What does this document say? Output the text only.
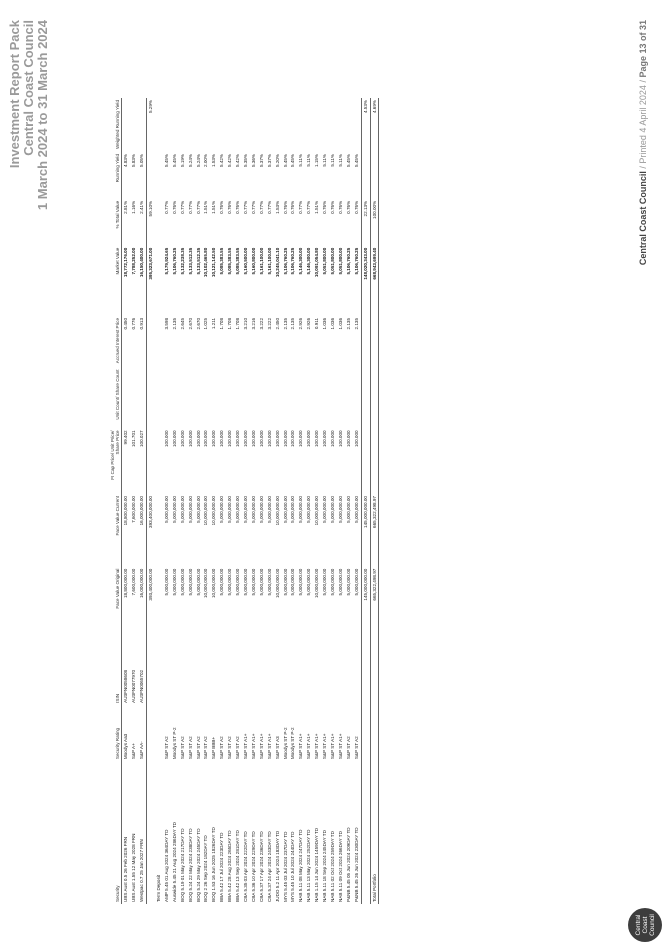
Central Coast Council
Investment Report Pack Central Coast Council 1 March 2024 to 31 March 2024
Security	Security Rating	ISIN	Face Value Original	Face Value Current	FI Cap Price/ Unit Price/ Share Price	Unit Count/ Share Count	Accrued Interest Price	Market Value	% Total Value	Running Yield	Weighted Running Yield
UBS Aust 0.5 26 Feb 2026 FRN	Moodys Aa3	AU3FN0058608	18,800,000.00	18,800,000.00	99.402		0.450	18,772,176.00	2.81%	4.83%	
UBS Aust 1.55 12 May 2028 FRN	S&P A+	AU3FN0077970	7,600,000.00	7,600,000.00	101.701		0.776	7,788,252.00	1.16%	5.83%	
Westpac 0.7 25 Jan 2027 FRN	S&P AA-	AU3FN0065702	16,000,000.00	16,000,000.00	100.027		0.913	16,150,400.00	2.41%	5.05%	
			393,400,000.00	393,400,000.00				395,323,671.00	59.10%		5.29%
Term Deposit											
AMP 5.45 01 Aug 2024 364DAY TD	S&P ST A2		5,000,000.00	5,000,000.00	100.000		3.598	5,179,924.65	0.77%	5.45%	
Auswide 5.45 21 Aug 2024 286DAY TD	Moodys ST P-2		5,000,000.00	5,000,000.00	100.000		2.135	5,106,760.25	0.76%	5.45%	
BOQ 5.19 01 May 2024 217DAY TD	S&P ST A2		5,000,000.00	5,000,000.00	100.000		2.645	5,132,238.35	0.77%	5.19%	
BOQ 5.24 22 May 2024 238DAY TD	S&P ST A2		5,000,000.00	5,000,000.00	100.000		2.670	5,133,512.35	0.77%	5.24%	
BOQ 5.24 29 May 2024 245DAY TD	S&P ST A2		5,000,000.00	5,000,000.00	100.000		2.670	5,133,512.35	0.77%	5.24%	
BOQ 2 26 Sep 2024 182DAY TD	S&P ST A2		10,000,000.00	10,000,000.00	100.000		1.025	10,102,465.80	1.51%	2.00%	
BOQ 1.53 16 Jun 2025 1826DAY TD	S&P BBB+		10,000,000.00	10,000,000.00	100.000		1.211	10,121,142.50	1.51%	1.53%	
BBA 5.42 17 Jul 2024 223DAY TD	S&P ST A2		5,000,000.00	5,000,000.00	100.000		1.708	5,085,383.55	0.76%	5.42%	
BBA 5.42 28 Aug 2024 265DAY TD	S&P ST A2		5,000,000.00	5,000,000.00	100.000		1.708	5,085,383.55	0.76%	5.42%	
BBA 5.42 13 Sep 2024 281DAY TD	S&P ST A2		5,000,000.00	5,000,000.00	100.000		1.708	5,085,383.55	0.76%	5.42%	
CBA 5.35 03 Apr 2024 222DAY TD	S&P ST A1+		5,000,000.00	5,000,000.00	100.000		3.210	5,160,500.00	0.77%	5.35%	
CBA 5.36 10 Apr 2024 229DAY TD	S&P ST A1+		5,000,000.00	5,000,000.00	100.000		3.216	5,160,800.00	0.77%	5.36%	
CBA 5.37 17 Apr 2024 236DAY TD	S&P ST A1+		5,000,000.00	5,000,000.00	100.000		3.222	5,161,100.00	0.77%	5.37%	
CBA 5.37 24 Apr 2024 243DAY TD	S&P ST A1+		5,000,000.00	5,000,000.00	100.000		3.222	5,161,100.00	0.77%	5.37%	
JUDO 5.2 11 Apr 2024 183DAY TD	S&P ST A3		10,000,000.00	10,000,000.00	100.000		2.450	10,245,041.10	1.53%	5.20%	
MYS 5.45 03 Jul 2024 237DAY TD	Moodys ST P-2		5,000,000.00	5,000,000.00	100.000		2.135	5,106,760.25	0.76%	5.45%	
MYS 5.45 10 Jul 2024 244DAY TD	Moodys ST P-2		5,000,000.00	5,000,000.00	100.000		2.135	5,106,760.25	0.76%	5.45%	
NAB 5.11 08 May 2024 247DAY TD	S&P ST A1+		5,000,000.00	5,000,000.00	100.000		2.926	5,146,300.00	0.77%	5.11%	
NAB 5.11 13 May 2024 252DAY TD	S&P ST A1+		5,000,000.00	5,000,000.00	100.000		2.926	5,146,300.00	0.77%	5.11%	
NAB 1.15 14 Jun 2024 1459DAY TD	S&P ST A1+		10,000,000.00	10,000,000.00	100.000		0.911	10,091,054.80	1.51%	1.15%	
NAB 5.11 18 Sep 2024 245DAY TD	S&P ST A1+		5,000,000.00	5,000,000.00	100.000		1.036	5,051,800.00	0.76%	5.11%	
NAB 5.11 02 Oct 2024 259DAY TD	S&P ST A1+		5,000,000.00	5,000,000.00	100.000		1.036	5,051,800.00	0.76%	5.11%	
NAB 5.11 09 Oct 2024 266DAY TD	S&P ST A1+		5,000,000.00	5,000,000.00	100.000		1.036	5,051,800.00	0.76%	5.11%	
P&NB 5.45 05 Jun 2024 209DAY TD	S&P ST A2		5,000,000.00	5,000,000.00	100.000		2.135	5,106,760.25	0.76%	5.45%	
P&NB 5.45 26 Jun 2024 230DAY TD	S&P ST A2		5,000,000.00	5,000,000.00	100.000		2.135	5,106,760.25	0.76%	5.45%	
			145,000,000.00	145,000,000.00				148,020,343.00	22.13%		4.53%
Total Portfolio			665,322,498.97	665,322,498.97				668,943,699.40	100.00%		4.69%
Central Coast Council / Printed 4 April 2024 / Page 13 of 31
